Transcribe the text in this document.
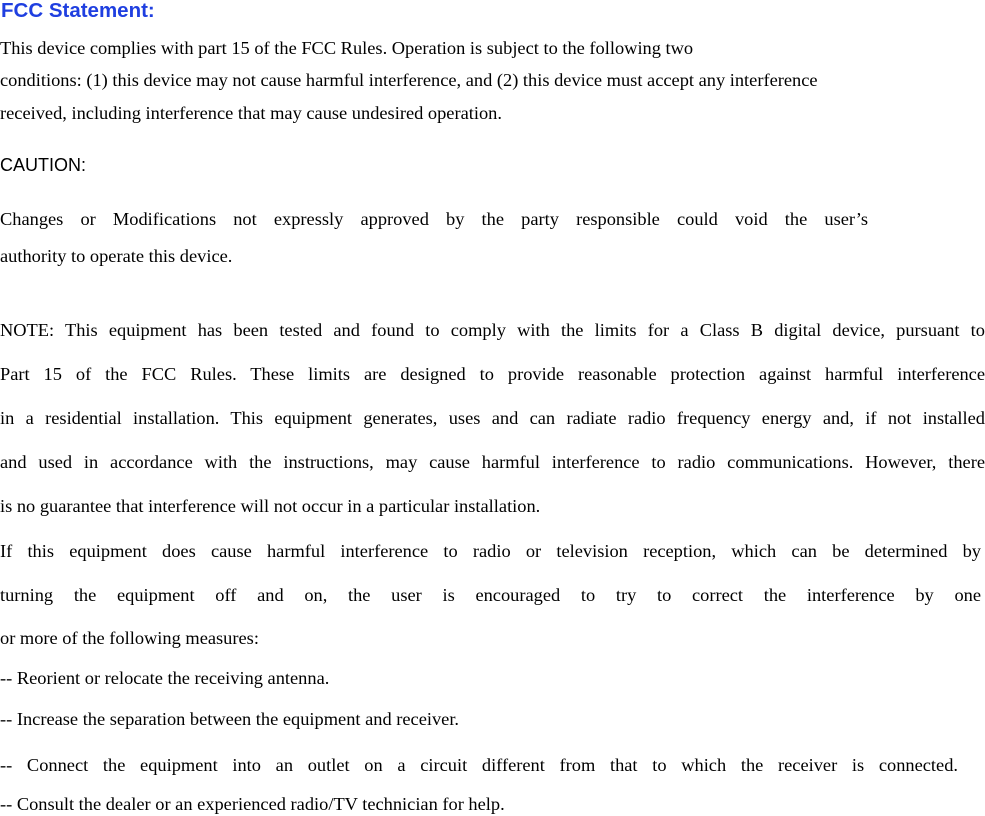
FCC Statement:
This device complies with part 15 of the FCC Rules. Operation is subject to the following two
conditions: (1) this device may not cause harmful interference, and (2) this device must accept any interference
received, including interference that may cause undesired operation.
CAUTION:
Changes or Modifications not expressly approved by the party responsible could void the user’s
authority to operate this device.
NOTE: This equipment has been tested and found to comply with the limits for a Class B digital device, pursuant to
Part 15 of the FCC Rules. These limits are designed to provide reasonable protection against harmful interference
in a residential installation. This equipment generates, uses and can radiate radio frequency energy and, if not installed
and used in accordance with the instructions, may cause harmful interference to radio communications. However, there
is no guarantee that interference will not occur in a particular installation.
If this equipment does cause harmful interference to radio or television reception, which can be determined by
turning the equipment off and on, the user is encouraged to try to correct the interference by one
or more of the following measures:
-- Reorient or relocate the receiving antenna.
-- Increase the separation between the equipment and receiver.
-- Connect the equipment into an outlet on a circuit different from that to which the receiver is connected.
-- Consult the dealer or an experienced radio/TV technician for help.
